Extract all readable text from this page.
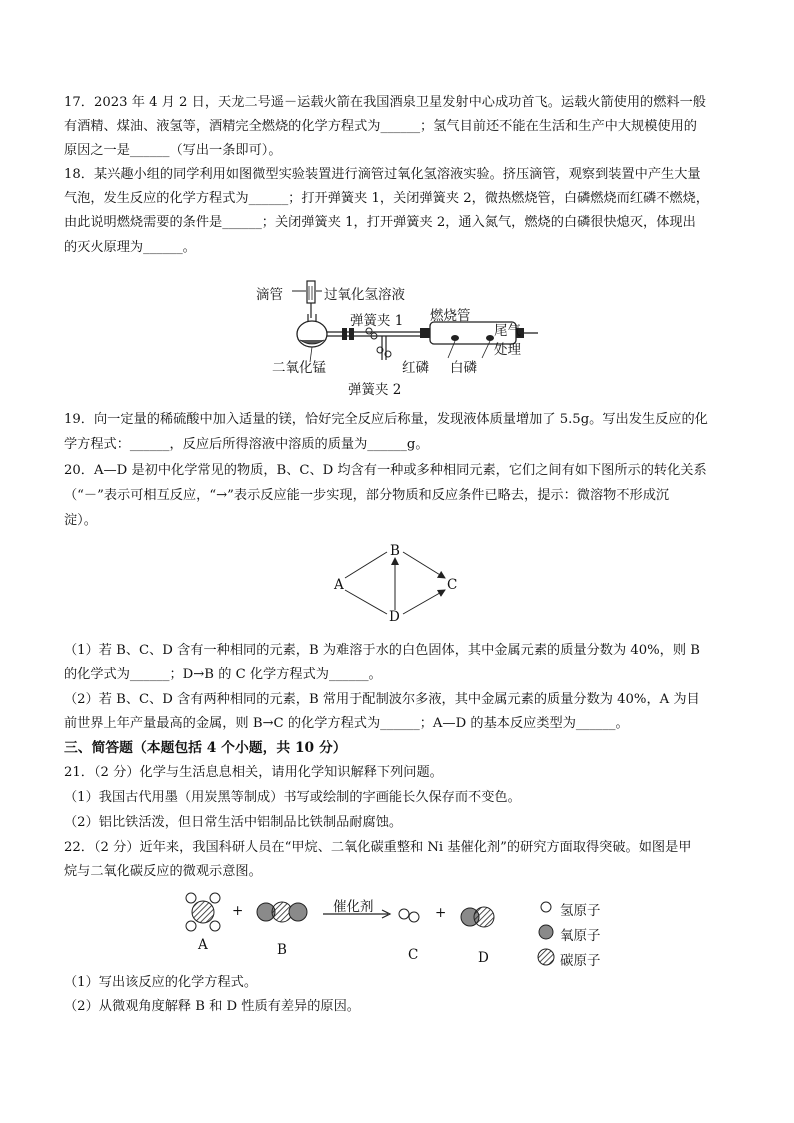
17．2023 年 4 月 2 日，天龙二号遥－运载火箭在我国酒泉卫星发射中心成功首飞。运载火箭使用的燃料一般
有酒精、煤油、液氢等，酒精完全燃烧的化学方程式为______；氢气目前还不能在生活和生产中大规模使用的
原因之一是______（写出一条即可）。
18．某兴趣小组的同学利用如图微型实验装置进行滴管过氧化氢溶液实验。挤压滴管，观察到装置中产生大量
气泡，发生反应的化学方程式为______；打开弹簧夹 1，关闭弹簧夹 2，微热燃烧管，白磷燃烧而红磷不燃烧，
由此说明燃烧需要的条件是______；关闭弹簧夹 1，打开弹簧夹 2，通入氮气，燃烧的白磷很快熄灭，体现出
的灭火原理为______。
滴管	过氧化氢溶液
弹簧夹 1 燃烧管
尾气
处理
二氧化锰	红磷 白磷
弹簧夹 2
19．向一定量的稀硫酸中加入适量的镁，恰好完全反应后称量，发现液体质量增加了 5.5g。写出发生反应的化
学方程式：______，反应后所得溶液中溶质的质量为______g。
20．A—D 是初中化学常见的物质，B、C、D 均含有一种或多种相同元素，它们之间有如下图所示的转化关系
（“－”表示可相互反应，“→”表示反应能一步实现，部分物质和反应条件已略去，提示：微溶物不形成沉
淀）。
A
B
C
D
（1）若 B、C、D 含有一种相同的元素，B 为难溶于水的白色固体，其中金属元素的质量分数为 40%，则 B
的化学式为______；D→B 的 C 化学方程式为______。
（2）若 B、C、D 含有两种相同的元素，B 常用于配制波尔多液，其中金属元素的质量分数为 40%，A 为目
前世界上年产量最高的金属，则 B→C 的化学方程式为______；A—D 的基本反应类型为______。
三、简答题（本题包括 4 个小题，共 10 分）
21．（2 分）化学与生活息息相关，请用化学知识解释下列问题。
（1）我国古代用墨（用炭黑等制成）书写或绘制的字画能长久保存而不变色。
（2）铝比铁活泼，但日常生活中铝制品比铁制品耐腐蚀。
22．（2 分）近年来，我国科研人员在“甲烷、二氧化碳重整和 Ni 基催化剂”的研究方面取得突破。如图是甲
烷与二氧化碳反应的微观示意图。
+	催化剂	+
A	B	C	D
氢原子
氧原子
碳原子
（1）写出该反应的化学方程式。
（2）从微观角度解释 B 和 D 性质有差异的原因。
